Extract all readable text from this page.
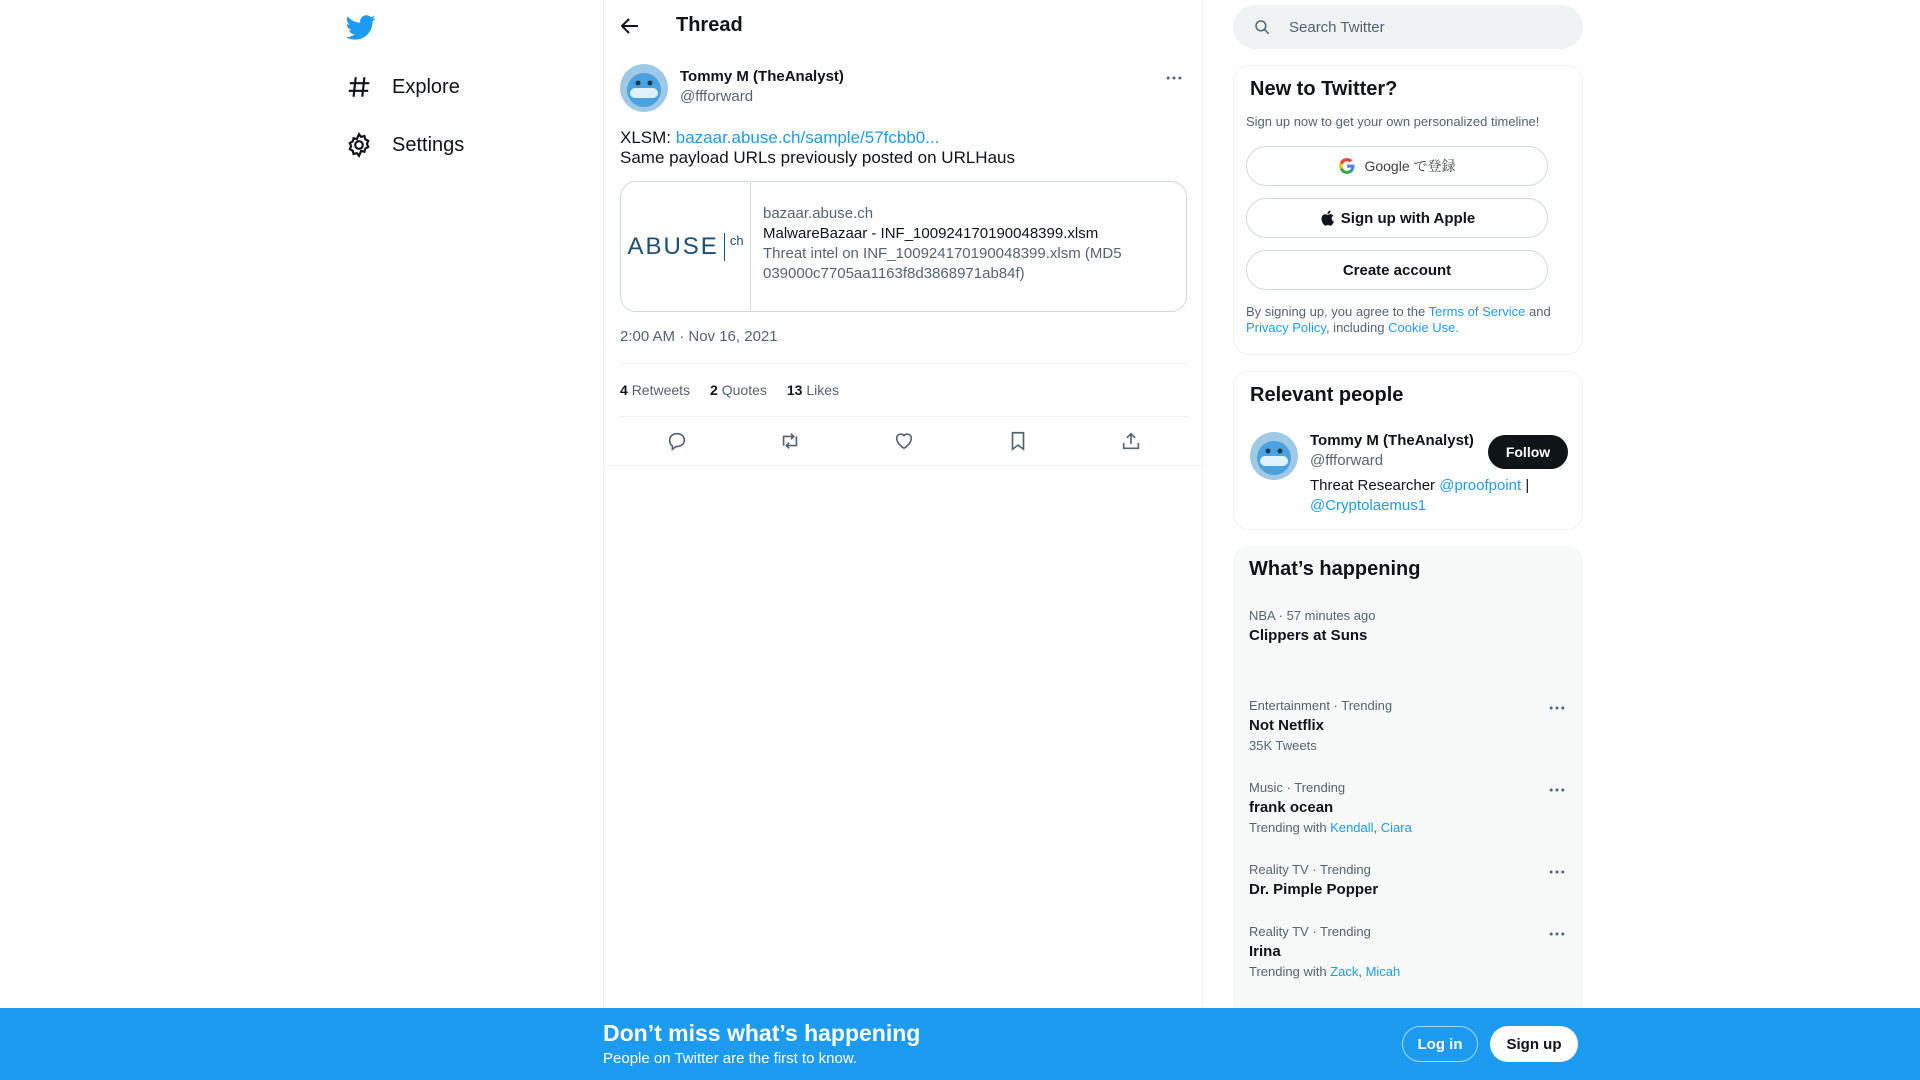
Explore
Settings
Thread
Tommy M (TheAnalyst)
@ffforward
XLSM: bazaar.abuse.ch/sample/57fcbb0...
Same payload URLs previously posted on URLHaus
ABUSE ch
bazaar.abuse.ch
MalwareBazaar - INF_100924170190048399.xlsm
Threat intel on INF_100924170190048399.xlsm (MD5 039000c7705aa1163f8d3868971ab84f)
2:00 AM · Nov 16, 2021
4 Retweets 2 Quotes 13 Likes
Search Twitter
New to Twitter?
Sign up now to get your own personalized timeline!
Google で登録
Sign up with Apple
Create account
By signing up, you agree to the Terms of Service and Privacy Policy, including Cookie Use.
Relevant people
Tommy M (TheAnalyst)
@ffforward
Threat Researcher @proofpoint | @Cryptolaemus1
Follow
What’s happening
NBA · 57 minutes ago
Clippers at Suns
Entertainment · Trending
Not Netflix
35K Tweets
Music · Trending
frank ocean
Trending with Kendall, Ciara
Reality TV · Trending
Dr. Pimple Popper
Reality TV · Trending
Irina
Trending with Zack, Micah
Don’t miss what’s happening
People on Twitter are the first to know.
Log in	Sign up
